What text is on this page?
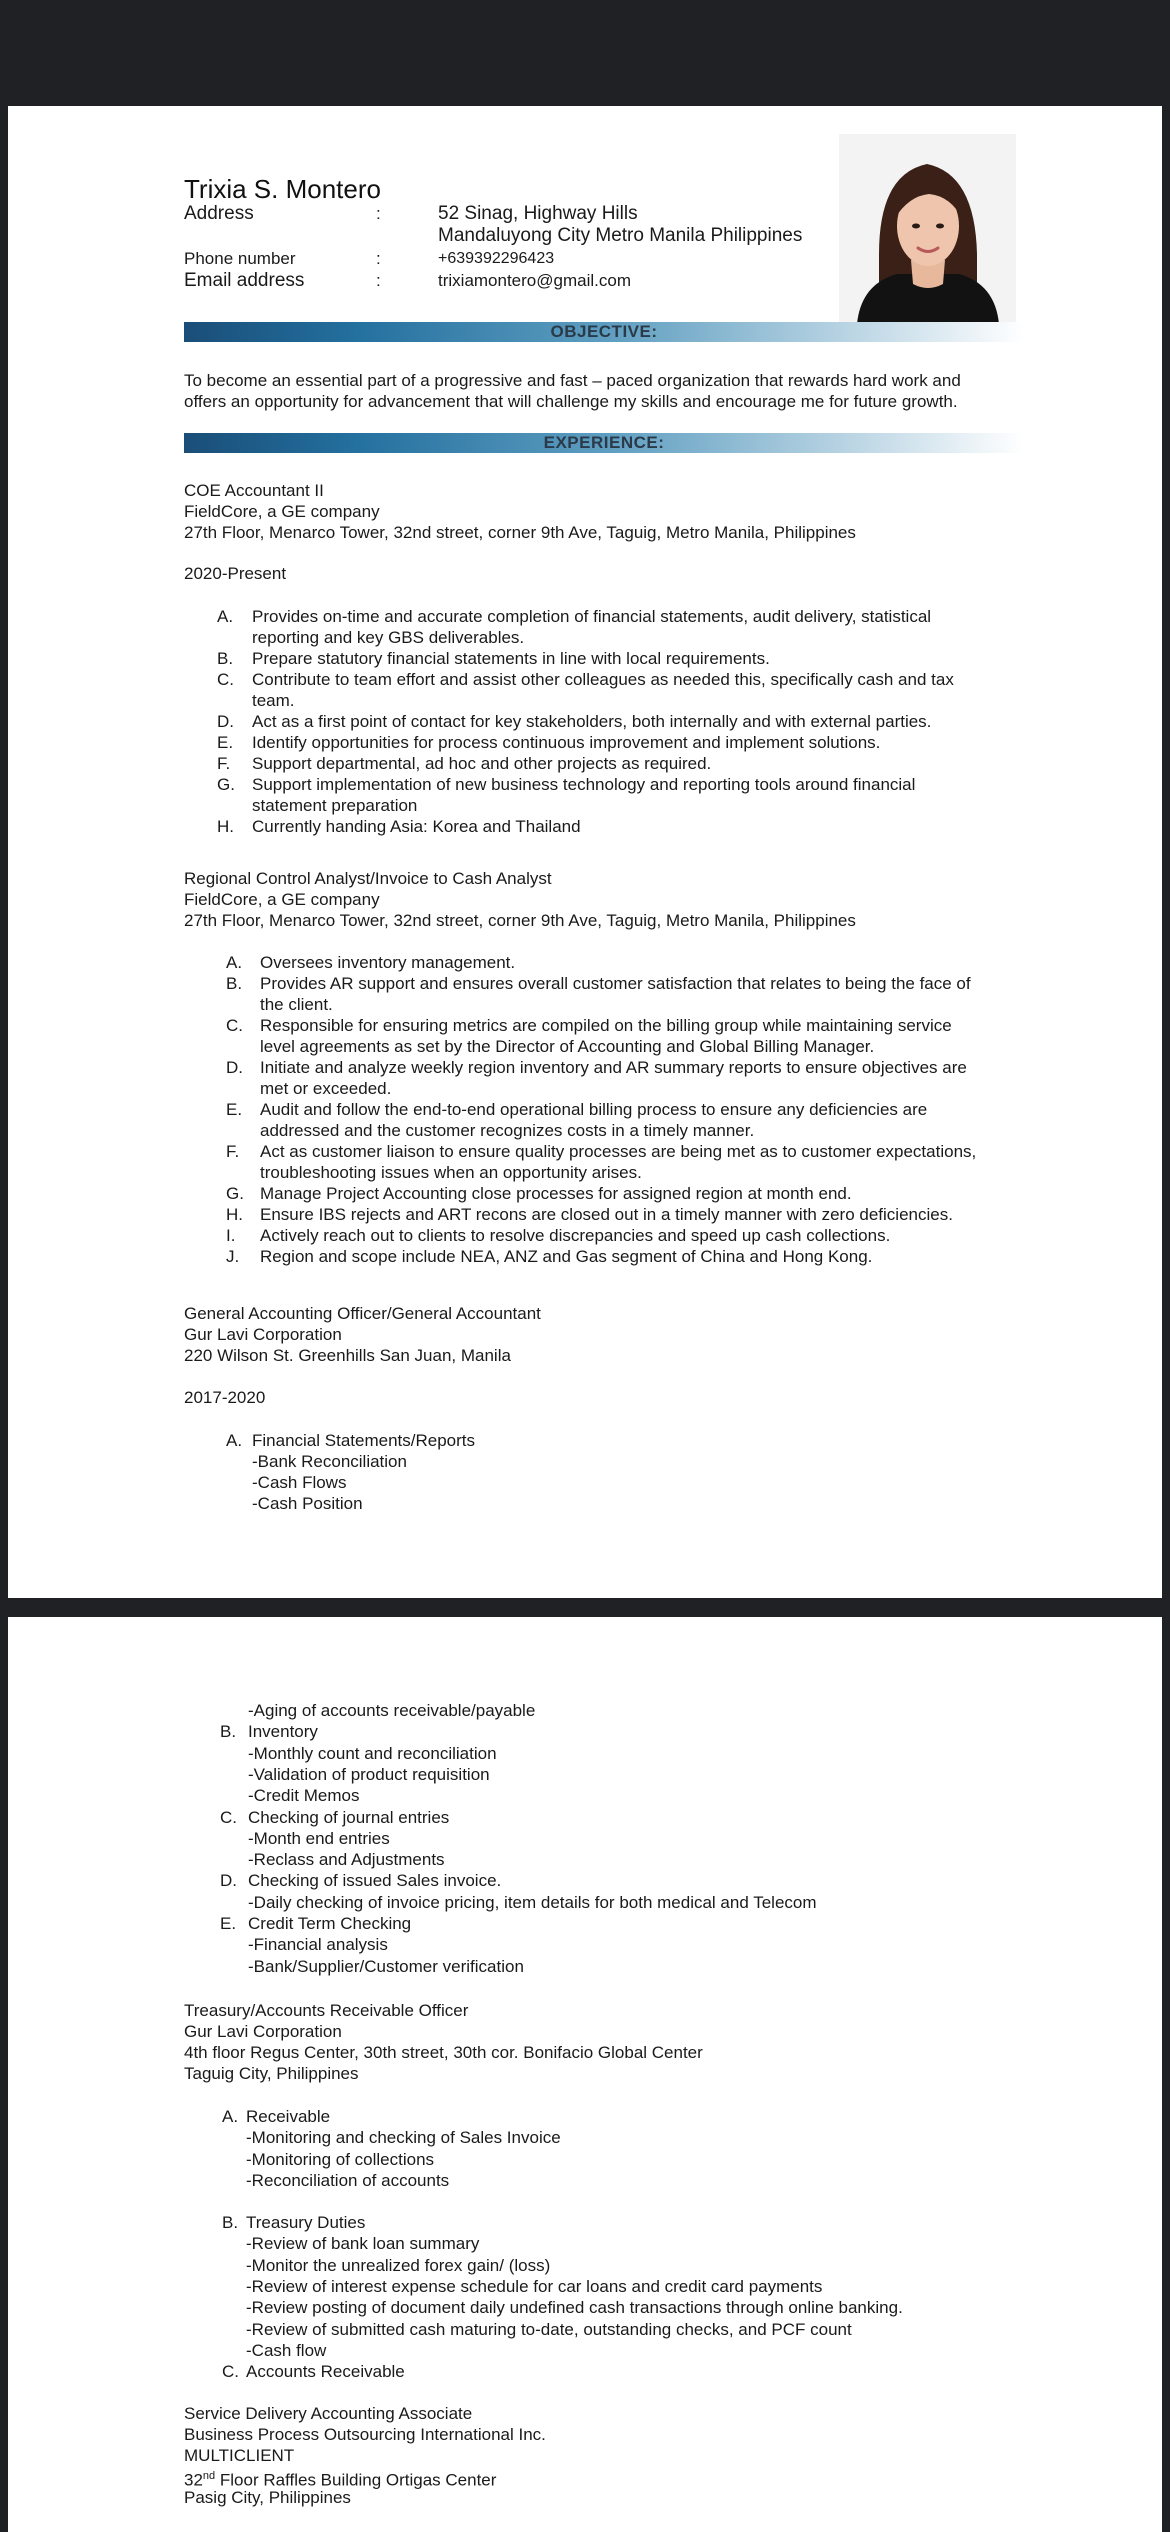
Trixia S. Montero
Address	:	52 Sinag, Highway Hills
Mandaluyong City Metro Manila Philippines
Phone number	:	+639392296423
Email address	:	trixiamontero@gmail.com
OBJECTIVE:
To become an essential part of a progressive and fast – paced organization that rewards hard work and
offers an opportunity for advancement that will challenge my skills and encourage me for future growth.
EXPERIENCE:
COE Accountant II
FieldCore, a GE company
27th Floor, Menarco Tower, 32nd street, corner 9th Ave, Taguig, Metro Manila, Philippines
2020-Present
A. Provides on-time and accurate completion of financial statements, audit delivery, statistical
reporting and key GBS deliverables.
B. Prepare statutory financial statements in line with local requirements.
C. Contribute to team effort and assist other colleagues as needed this, specifically cash and tax
team.
D. Act as a first point of contact for key stakeholders, both internally and with external parties.
E. Identify opportunities for process continuous improvement and implement solutions.
F. Support departmental, ad hoc and other projects as required.
G. Support implementation of new business technology and reporting tools around financial
statement preparation
H. Currently handing Asia: Korea and Thailand
Regional Control Analyst/Invoice to Cash Analyst
FieldCore, a GE company
27th Floor, Menarco Tower, 32nd street, corner 9th Ave, Taguig, Metro Manila, Philippines
A. Oversees inventory management.
B. Provides AR support and ensures overall customer satisfaction that relates to being the face of
the client.
C. Responsible for ensuring metrics are compiled on the billing group while maintaining service
level agreements as set by the Director of Accounting and Global Billing Manager.
D. Initiate and analyze weekly region inventory and AR summary reports to ensure objectives are
met or exceeded.
E. Audit and follow the end-to-end operational billing process to ensure any deficiencies are
addressed and the customer recognizes costs in a timely manner.
F. Act as customer liaison to ensure quality processes are being met as to customer expectations,
troubleshooting issues when an opportunity arises.
G. Manage Project Accounting close processes for assigned region at month end.
H. Ensure IBS rejects and ART recons are closed out in a timely manner with zero deficiencies.
I. Actively reach out to clients to resolve discrepancies and speed up cash collections.
J. Region and scope include NEA, ANZ and Gas segment of China and Hong Kong.
General Accounting Officer/General Accountant
Gur Lavi Corporation
220 Wilson St. Greenhills San Juan, Manila
2017-2020
A. Financial Statements/Reports
-Bank Reconciliation
-Cash Flows
-Cash Position
-Aging of accounts receivable/payable
B. Inventory
-Monthly count and reconciliation
-Validation of product requisition
-Credit Memos
C. Checking of journal entries
-Month end entries
-Reclass and Adjustments
D. Checking of issued Sales invoice.
-Daily checking of invoice pricing, item details for both medical and Telecom
E. Credit Term Checking
-Financial analysis
-Bank/Supplier/Customer verification
Treasury/Accounts Receivable Officer
Gur Lavi Corporation
4th floor Regus Center, 30th street, 30th cor. Bonifacio Global Center
Taguig City, Philippines
A. Receivable
-Monitoring and checking of Sales Invoice
-Monitoring of collections
-Reconciliation of accounts
B. Treasury Duties
-Review of bank loan summary
-Monitor the unrealized forex gain/ (loss)
-Review of interest expense schedule for car loans and credit card payments
-Review posting of document daily undefined cash transactions through online banking.
-Review of submitted cash maturing to-date, outstanding checks, and PCF count
-Cash flow
C. Accounts Receivable
Service Delivery Accounting Associate
Business Process Outsourcing International Inc.
MULTICLIENT
32nd Floor Raffles Building Ortigas Center
Pasig City, Philippines
